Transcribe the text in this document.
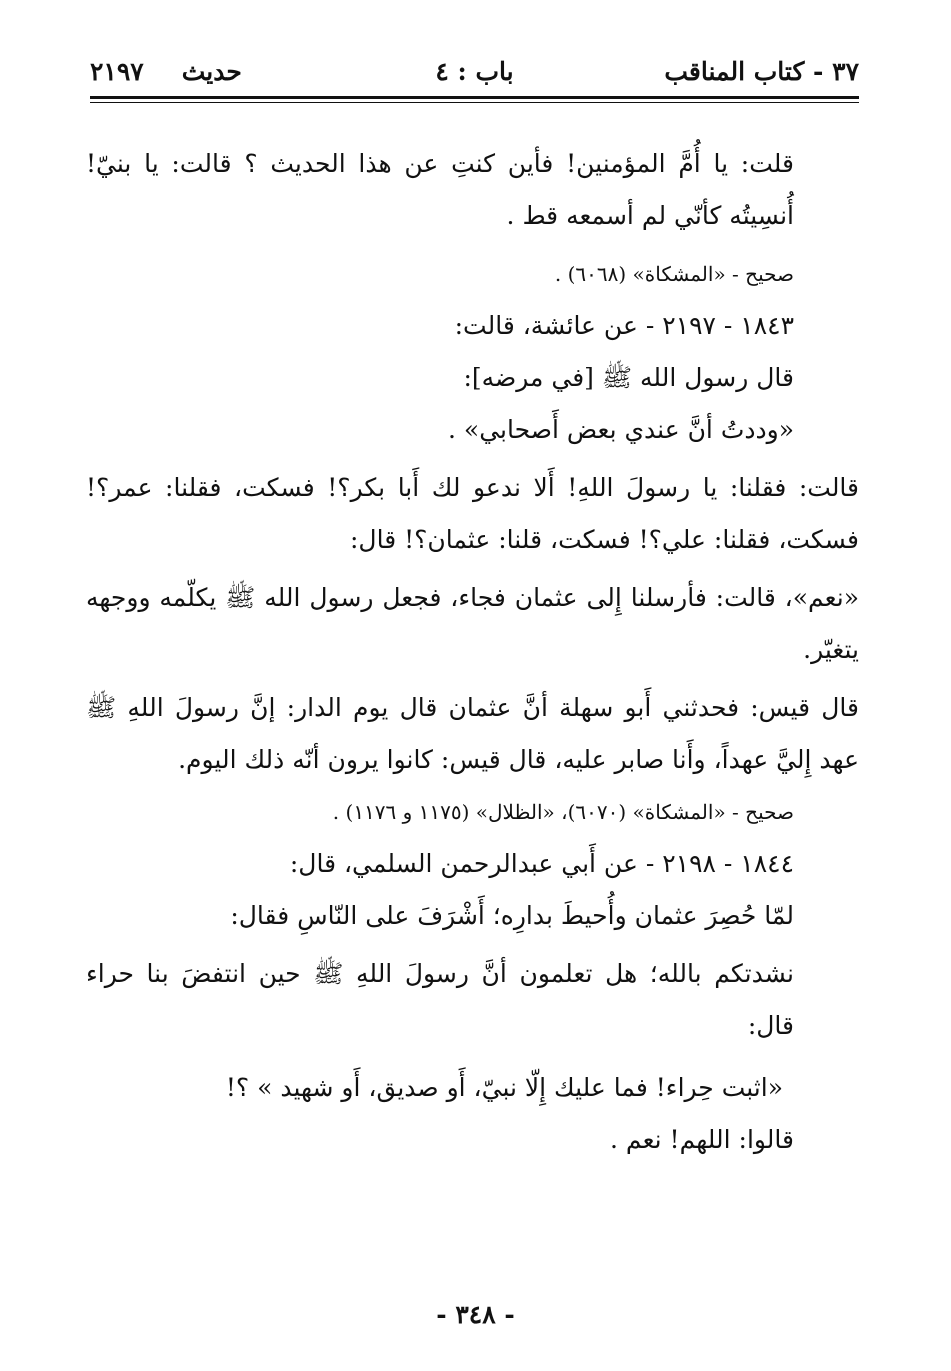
٣٧ - كتاب المناقب
باب : ٤
حديث٢١٩٧

قلت: يا أُمَّ المؤمنين! فأين كنتِ عن هذا الحديث ؟ قالت: يا بنيّ! أُنسِيتُه كأنّي لم أسمعه قط .

صحيح - «المشكاة» (٦٠٦٨) .

١٨٤٣ - ٢١٩٧ - عن عائشة، قالت:

قال رسول الله ﷺ [في مرضه]:

«وددتُ أنَّ عندي بعض أَصحابي» .

قالت: فقلنا: يا رسولَ اللهِ! أَلا ندعو لك أَبا بكر؟! فسكت، فقلنا: عمر؟! فسكت، فقلنا: علي؟! فسكت، قلنا: عثمان؟! قال:

«نعم»، قالت: فأرسلنا إِلى عثمان فجاء، فجعل رسول الله ﷺ يكلّمه ووجهه يتغيّر.

قال قيس: فحدثني أَبو سهلة أنَّ عثمان قال يوم الدار: إنَّ رسولَ اللهِ ﷺ عهد إِليَّ عهداً، وأَنا صابر عليه، قال قيس: كانوا يرون أنّه ذلك اليوم.

صحيح - «المشكاة» (٦٠٧٠)، «الظلال» (١١٧٥ و ١١٧٦) .

١٨٤٤ - ٢١٩٨ - عن أَبي عبدالرحمن السلمي، قال:

لمّا حُصِرَ عثمان وأُحيطَ بدارِه؛ أَشْرَفَ على النّاسِ فقال:

نشدتكم بالله؛ هل تعلمون أنَّ رسولَ اللهِ ﷺ حين انتفضَ بنا حراء قال:

«اثبت حِراء! فما عليك إِلّا نبيّ، أَو صديق، أَو شهيد » ؟!

قالوا: اللهم! نعم .

- ٣٤٨ -
